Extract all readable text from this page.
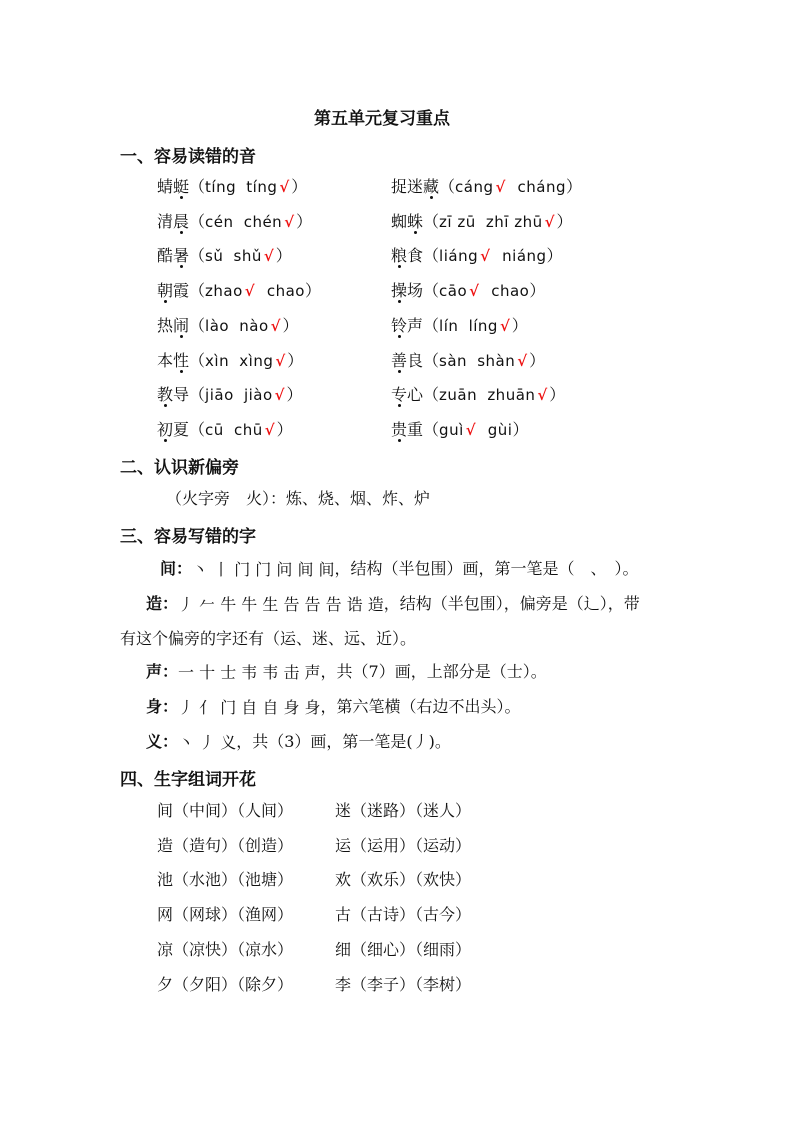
第五单元复习重点
一、容易读错的音
蜻蜓（tíng tíng √ ）	捉迷藏（cáng √ cháng）
清晨（cén chén √ ）	蜘蛛（zī zū zhī zhū √ ）
酷暑（sǔ shǔ √ ）	粮食（liáng √ niáng）
朝霞（zhao √ chao）	操场（cāo √ chao）
热闹（lào nào √ ）	铃声（lín líng √ ）
本性（xìn xìng √ ）	善良（sàn shàn √ ）
教导（jiāo jiào √ ）	专心（zuān zhuān √ ）
初夏（cū chū √ ）	贵重（guì √ gùi）
二、认识新偏旁
（火字旁　火）：炼、烧、烟、炸、炉
三、容易写错的字
间：丶 丨 门 门 问 间 间，结构（半包围）画，第一笔是（　、　）。
造：丿 𠂉 牛 牛 生 告 告 告 诰 造，结构（半包围），偏旁是（辶），带
有这个偏旁的字还有（运、迷、远、近）。
声：一 十 士 韦 韦 击 声，共（7）画，上部分是（士）。
身：丿 亻 门 自 自 身 身，第六笔横（右边不出头）。
义：丶 丿 义，共（3）画，第一笔是(丿)。
四、生字组词开花
间（中间）（人间）	迷（迷路）（迷人）
造（造句）（创造）	运（运用）（运动）
池（水池）（池塘）	欢（欢乐）（欢快）
网（网球）（渔网）	古（古诗）（古今）
凉（凉快）（凉水）	细（细心）（细雨）
夕（夕阳）（除夕）	李（李子）（李树）
